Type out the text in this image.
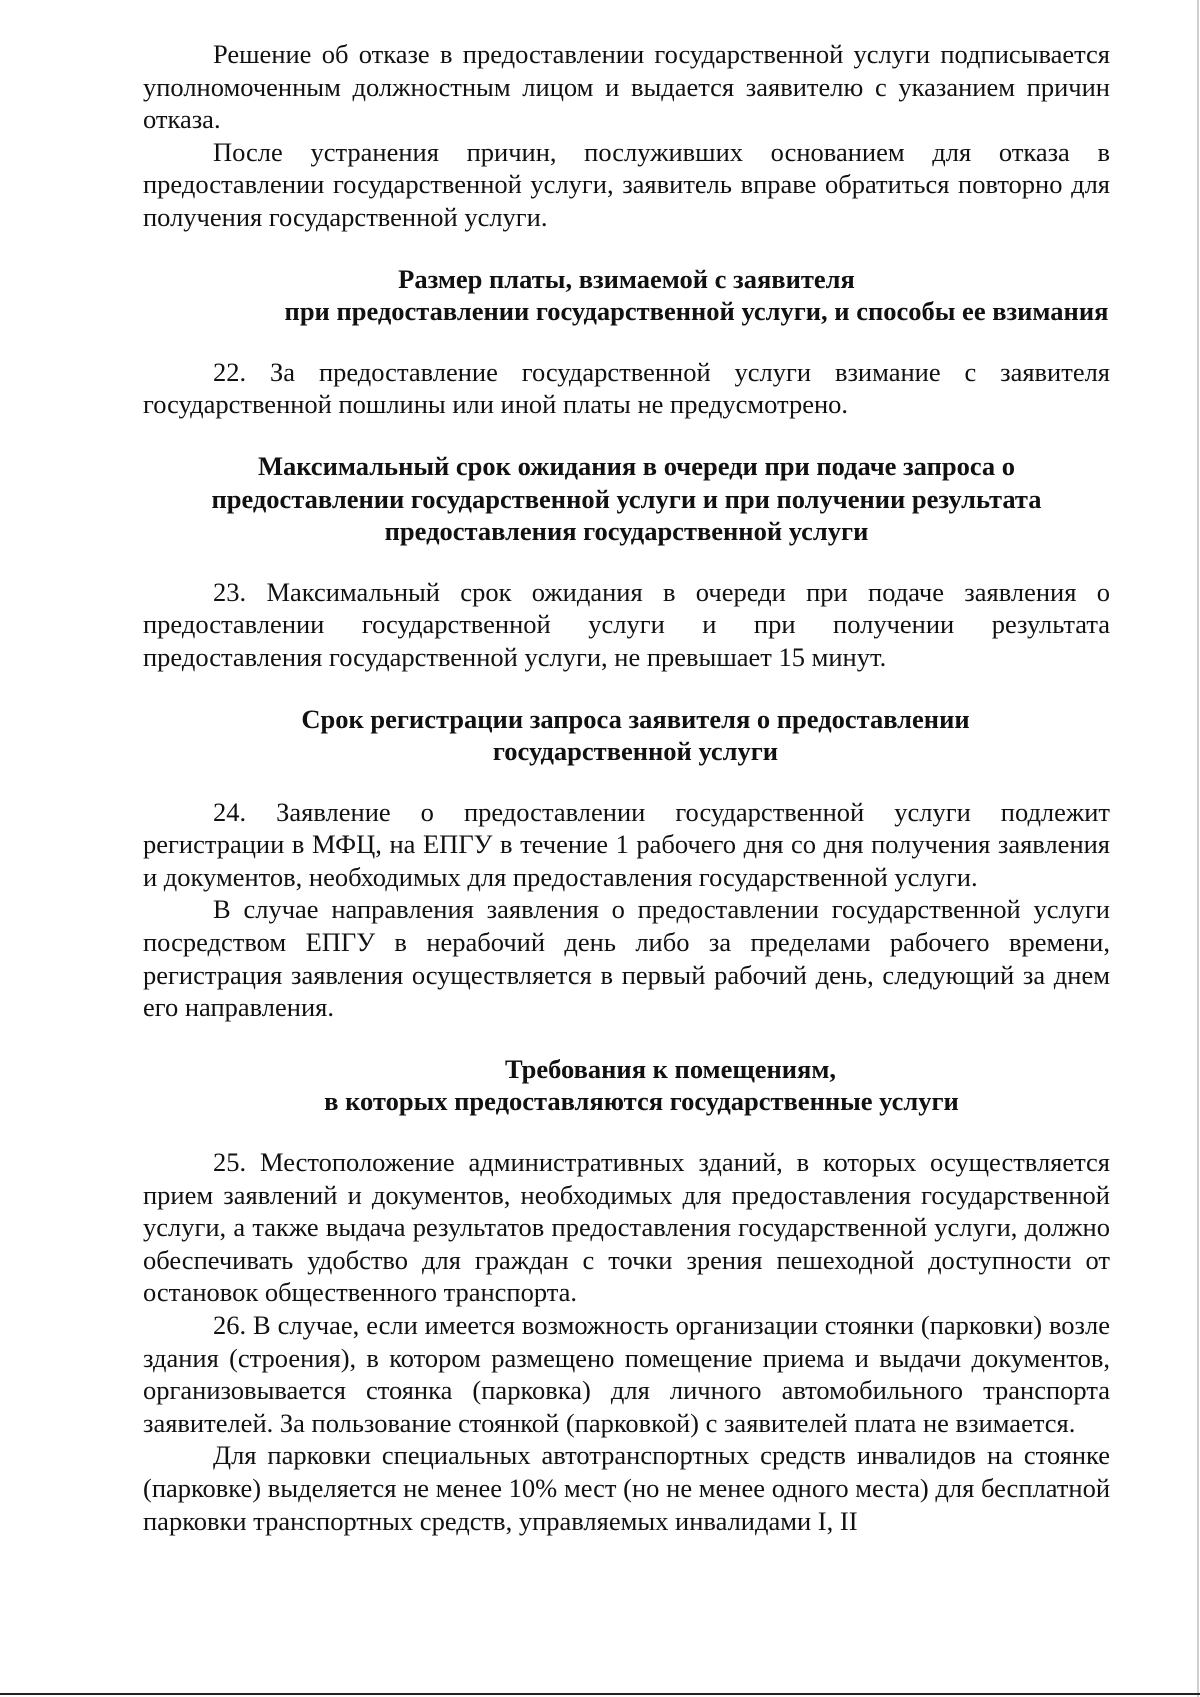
Решение об отказе в предоставлении государственной услуги подписывается уполномоченным должностным лицом и выдается заявителю с указанием причин отказа.

После устранения причин, послуживших основанием для отказа в предоставлении государственной услуги, заявитель вправе обратиться повторно для получения государственной услуги.

Размер платы, взимаемой с заявителя
при предоставлении государственной услуги, и способы ее взимания

22. За предоставление государственной услуги взимание с заявителя государственной пошлины или иной платы не предусмотрено.

Максимальный срок ожидания в очереди при подаче запроса о
предоставлении государственной услуги и при получении результата
предоставления государственной услуги

23. Максимальный срок ожидания в очереди при подаче заявления о предоставлении государственной услуги и при получении результата предоставления государственной услуги, не превышает 15 минут.

Срок регистрации запроса заявителя о предоставлении
государственной услуги

24. Заявление о предоставлении государственной услуги подлежит регистрации в МФЦ, на ЕПГУ в течение 1 рабочего дня со дня получения заявления и документов, необходимых для предоставления государственной услуги.

В случае направления заявления о предоставлении государственной услуги посредством ЕПГУ в нерабочий день либо за пределами рабочего времени, регистрация заявления осуществляется в первый рабочий день, следующий за днем его направления.

Требования к помещениям,
в которых предоставляются государственные услуги

25. Местоположение административных зданий, в которых осуществляется прием заявлений и документов, необходимых для предоставления государственной услуги, а также выдача результатов предоставления государственной услуги, должно обеспечивать удобство для граждан с точки зрения пешеходной доступности от остановок общественного транспорта.

26. В случае, если имеется возможность организации стоянки (парковки) возле здания (строения), в котором размещено помещение приема и выдачи документов, организовывается стоянка (парковка) для личного автомобильного транспорта заявителей. За пользование стоянкой (парковкой) с заявителей плата не взимается.

Для парковки специальных автотранспортных средств инвалидов на стоянке (парковке) выделяется не менее 10% мест (но не менее одного места) для бесплатной парковки транспортных средств, управляемых инвалидами I, II
